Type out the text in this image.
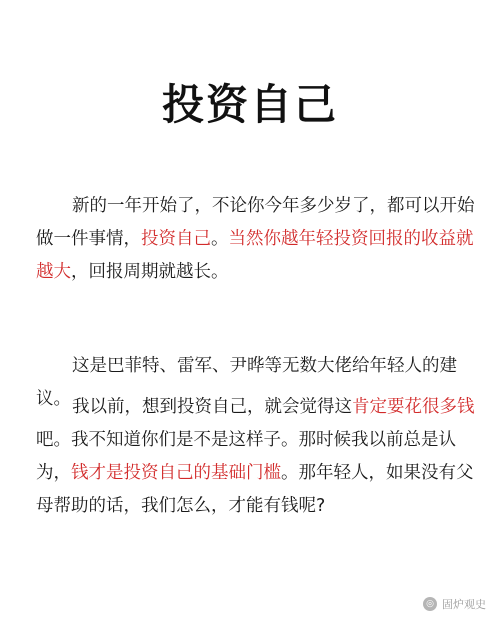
投资自己
新的一年开始了，不论你今年多少岁了，都可以开始做一件事情，投资自己。当然你越年轻投资回报的收益就越大，回报周期就越长。
这是巴菲特、雷军、尹晔等无数大佬给年轻人的建议。 我以前，想到投资自己，就会觉得这肯定要花很多钱吧。我不知道你们是不是这样子。那时候我以前总是认为，钱才是投资自己的基础门槛。那年轻人，如果没有父母帮助的话，我们怎么，才能有钱呢?
◎ 固炉观史
